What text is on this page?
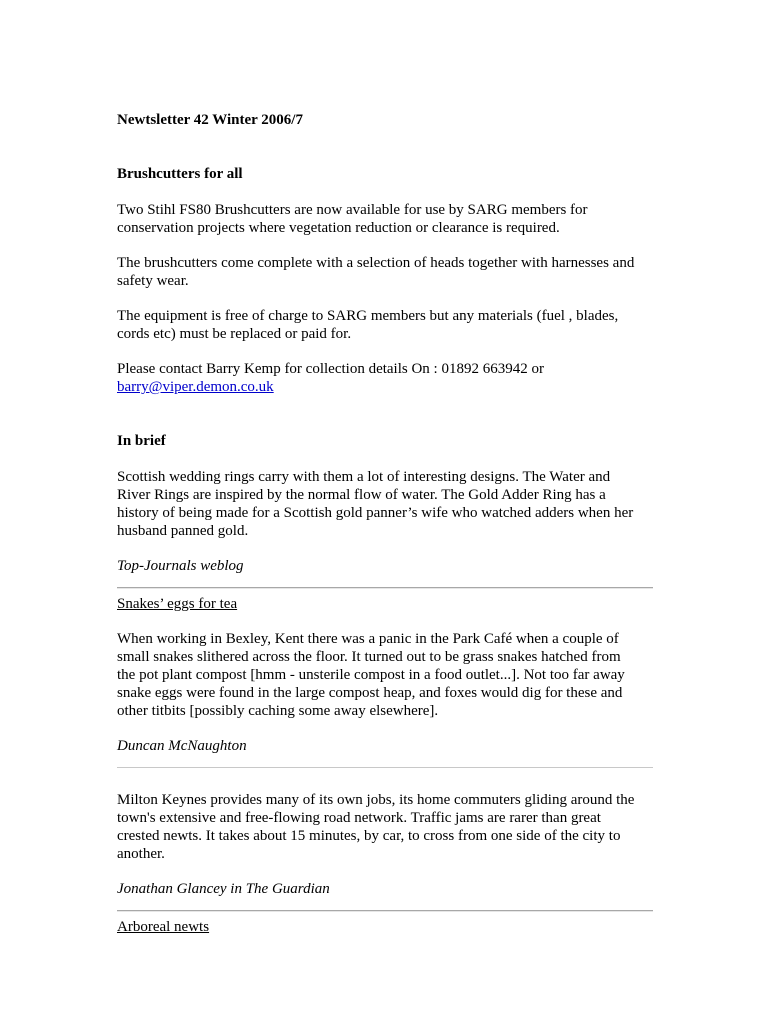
Newtsletter 42 Winter 2006/7

Brushcutters for all

Two Stihl FS80 Brushcutters are now available for use by SARG members for

conservation projects where vegetation reduction or clearance is required.

The brushcutters come complete with a selection of heads together with harnesses and

safety wear.

The equipment is free of charge to SARG members but any materials (fuel , blades,

cords etc) must be replaced or paid for.

Please contact Barry Kemp for collection details On : 01892 663942 or

barry@viper.demon.co.uk

In brief

Scottish wedding rings carry with them a lot of interesting designs. The Water and

River Rings are inspired by the normal flow of water. The Gold Adder Ring has a

history of being made for a Scottish gold panner’s wife who watched adders when her

husband panned gold.

Top-Journals weblog

Snakes’ eggs for tea

When working in Bexley, Kent there was a panic in the Park Café when a couple of

small snakes slithered across the floor. It turned out to be grass snakes hatched from

the pot plant compost [hmm - unsterile compost in a food outlet...]. Not too far away

snake eggs were found in the large compost heap, and foxes would dig for these and

other titbits [possibly caching some away elsewhere].

Duncan McNaughton

Milton Keynes provides many of its own jobs, its home commuters gliding around the

town's extensive and free-flowing road network. Traffic jams are rarer than great

crested newts. It takes about 15 minutes, by car, to cross from one side of the city to

another.

Jonathan Glancey in The Guardian

Arboreal newts
